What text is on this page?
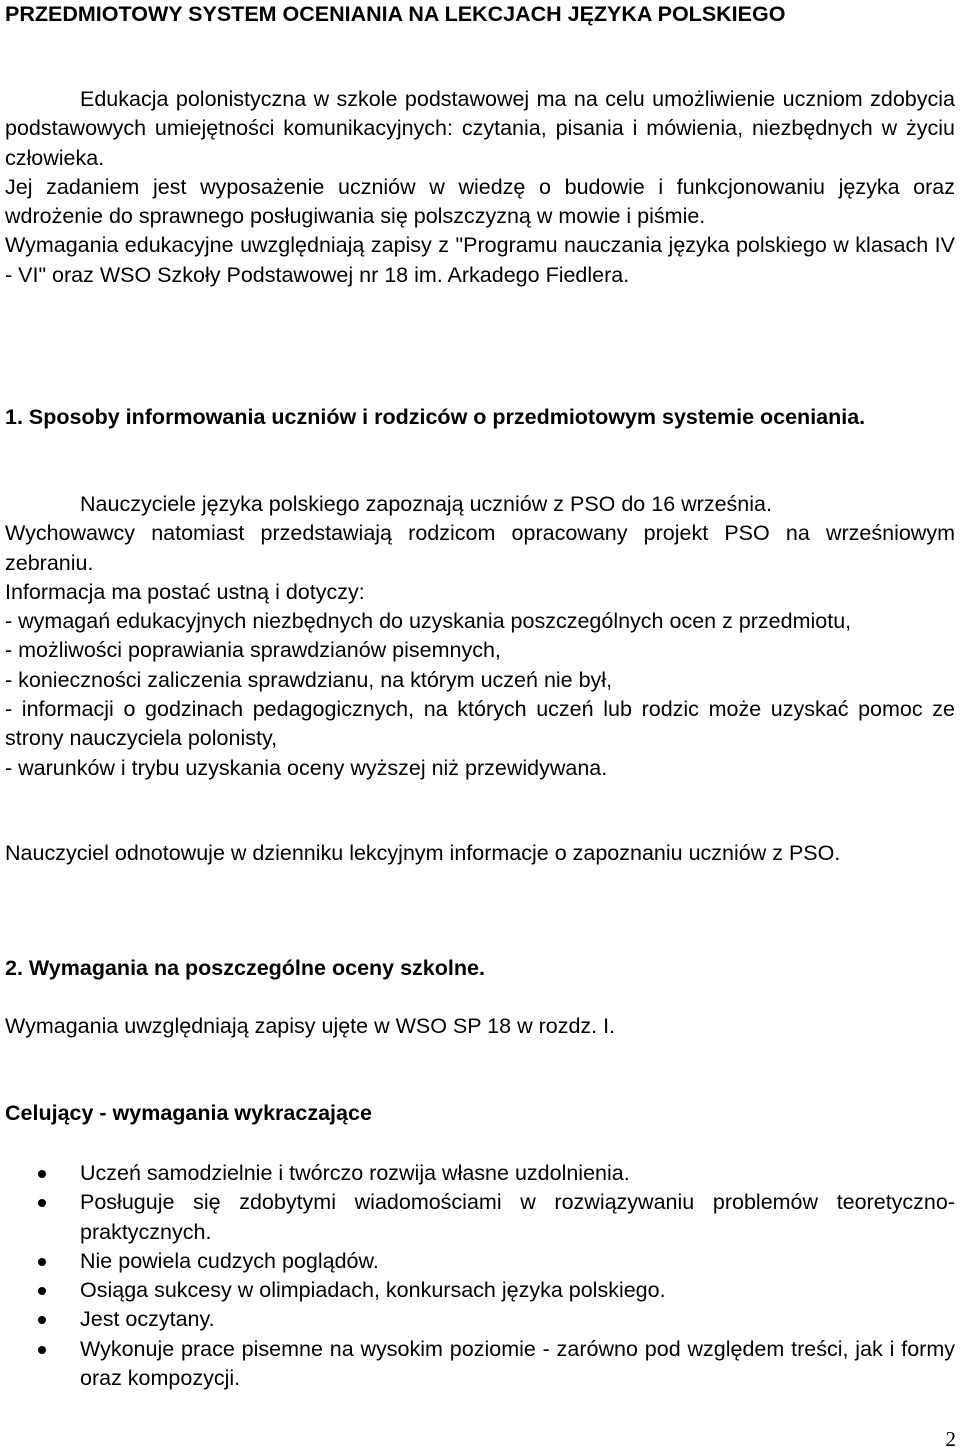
PRZEDMIOTOWY SYSTEM OCENIANIA NA LEKCJACH JĘZYKA POLSKIEGO

Edukacja polonistyczna w szkole podstawowej ma na celu umożliwienie uczniom zdobycia podstawowych umiejętności komunikacyjnych: czytania, pisania i mówienia, niezbędnych w życiu człowieka.

Jej zadaniem jest wyposażenie uczniów w wiedzę o budowie i funkcjonowaniu języka oraz wdrożenie do sprawnego posługiwania się polszczyzną w mowie i piśmie.

Wymagania edukacyjne uwzględniają zapisy z "Programu nauczania języka polskiego w klasach IV - VI" oraz WSO Szkoły Podstawowej nr 18 im. Arkadego Fiedlera.

1. Sposoby informowania uczniów i rodziców o przedmiotowym systemie oceniania.

Nauczyciele języka polskiego zapoznają uczniów z PSO do 16 września.

Wychowawcy natomiast przedstawiają rodzicom opracowany projekt PSO na wrześniowym zebraniu.

Informacja ma postać ustną i dotyczy:

- wymagań edukacyjnych niezbędnych do uzyskania poszczególnych ocen z przedmiotu,

- możliwości poprawiania sprawdzianów pisemnych,

- konieczności zaliczenia sprawdzianu, na którym uczeń nie był,

- informacji o godzinach pedagogicznych, na których uczeń lub rodzic może uzyskać pomoc ze strony nauczyciela polonisty,

- warunków i trybu uzyskania oceny wyższej niż przewidywana.

Nauczyciel odnotowuje w dzienniku lekcyjnym informacje o zapoznaniu uczniów z PSO.
2. Wymagania na poszczególne oceny szkolne.
Wymagania uwzględniają zapisy ujęte w WSO SP 18 w rozdz. I.
Celujący - wymagania wykraczające
Uczeń samodzielnie i twórczo rozwija własne uzdolnienia.
Posługuje się zdobytymi wiadomościami w rozwiązywaniu problemów teoretyczno-praktycznych.
Nie powiela cudzych poglądów.
Osiąga sukcesy w olimpiadach, konkursach języka polskiego.
Jest oczytany.
Wykonuje prace pisemne na wysokim poziomie - zarówno pod względem treści, jak i formy oraz kompozycji.
2
